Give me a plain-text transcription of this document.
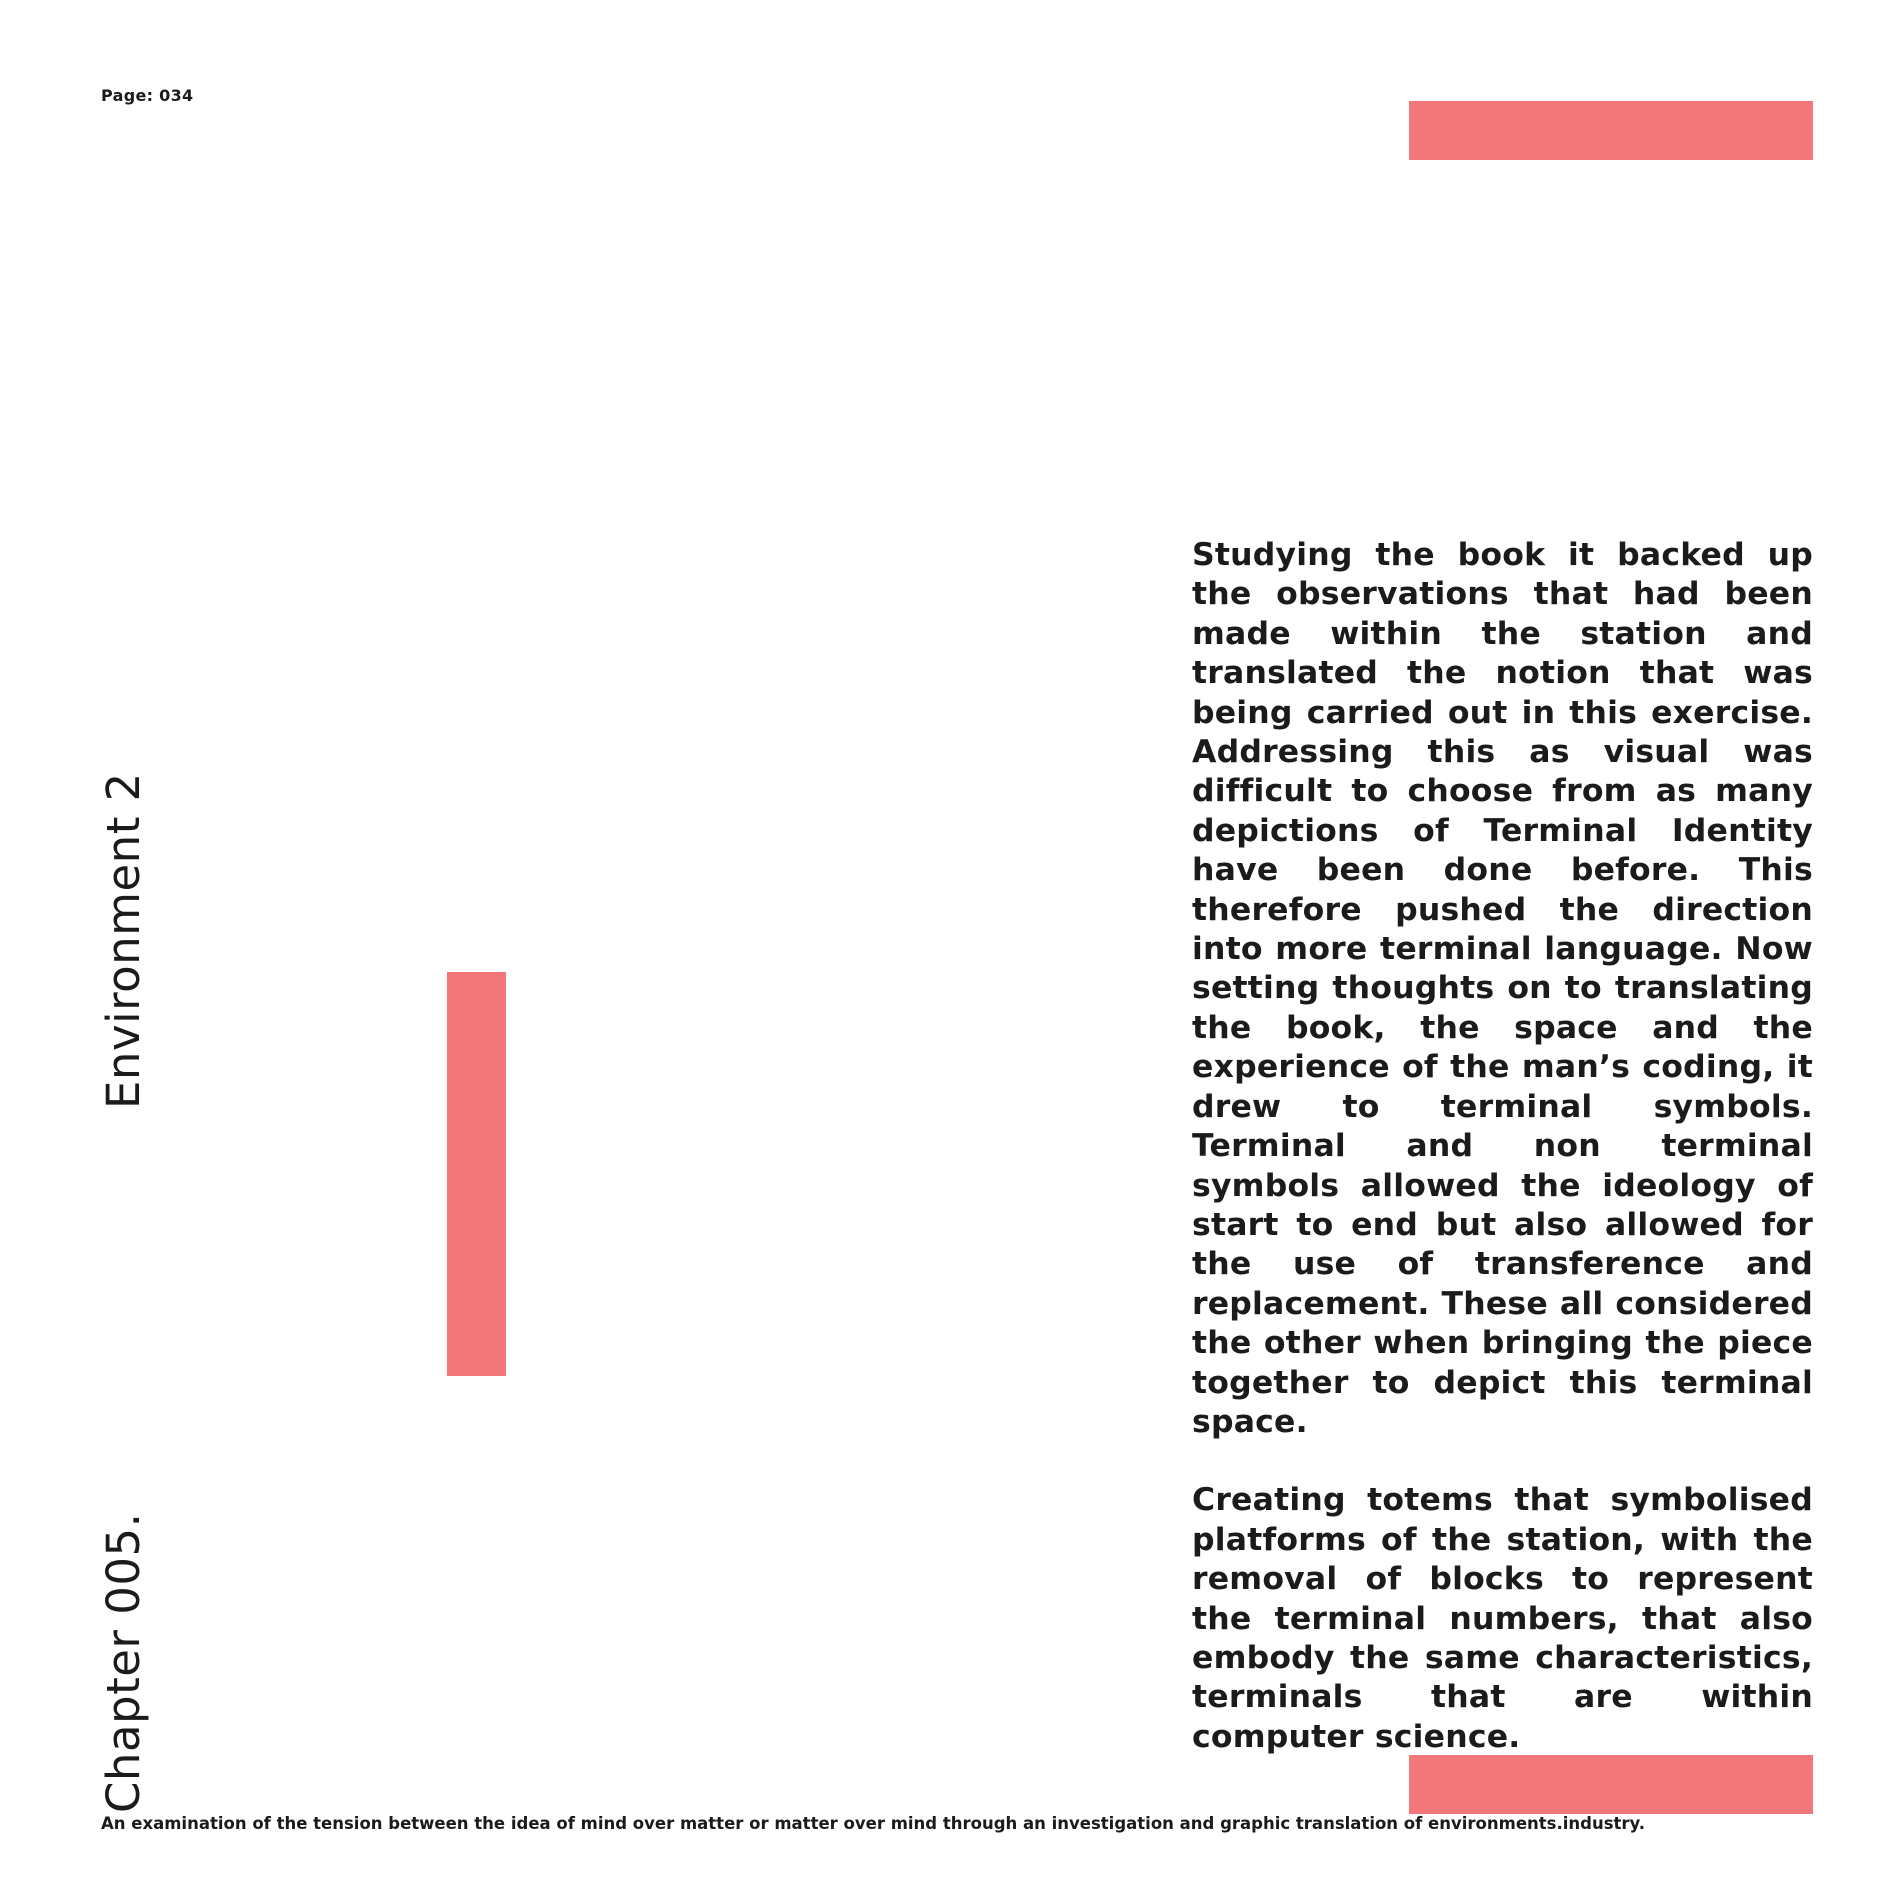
Page: 034
Environment 2
Chapter 005.

Studying the book it backed up the observations that had been made within the station and translated the notion that was being carried out in this exercise. Addressing this as visual was difficult to choose from as many depictions of Terminal Identity have been done before. This therefore pushed the direction into more terminal language. Now setting thoughts on to translating the book, the space and the experience of the man’s coding, it drew to terminal symbols. Terminal and non terminal symbols allowed the ideology of start to end but also allowed for the use of transference and replacement. These all considered the other when bringing the piece together to depict this terminal space.

Creating totems that symbolised platforms of the station, with the removal of blocks to represent the terminal numbers, that also embody the same characteristics, terminals that are within computer science.

An examination of the tension between the idea of mind over matter or matter over mind through an investigation and graphic translation of environments.industry.
